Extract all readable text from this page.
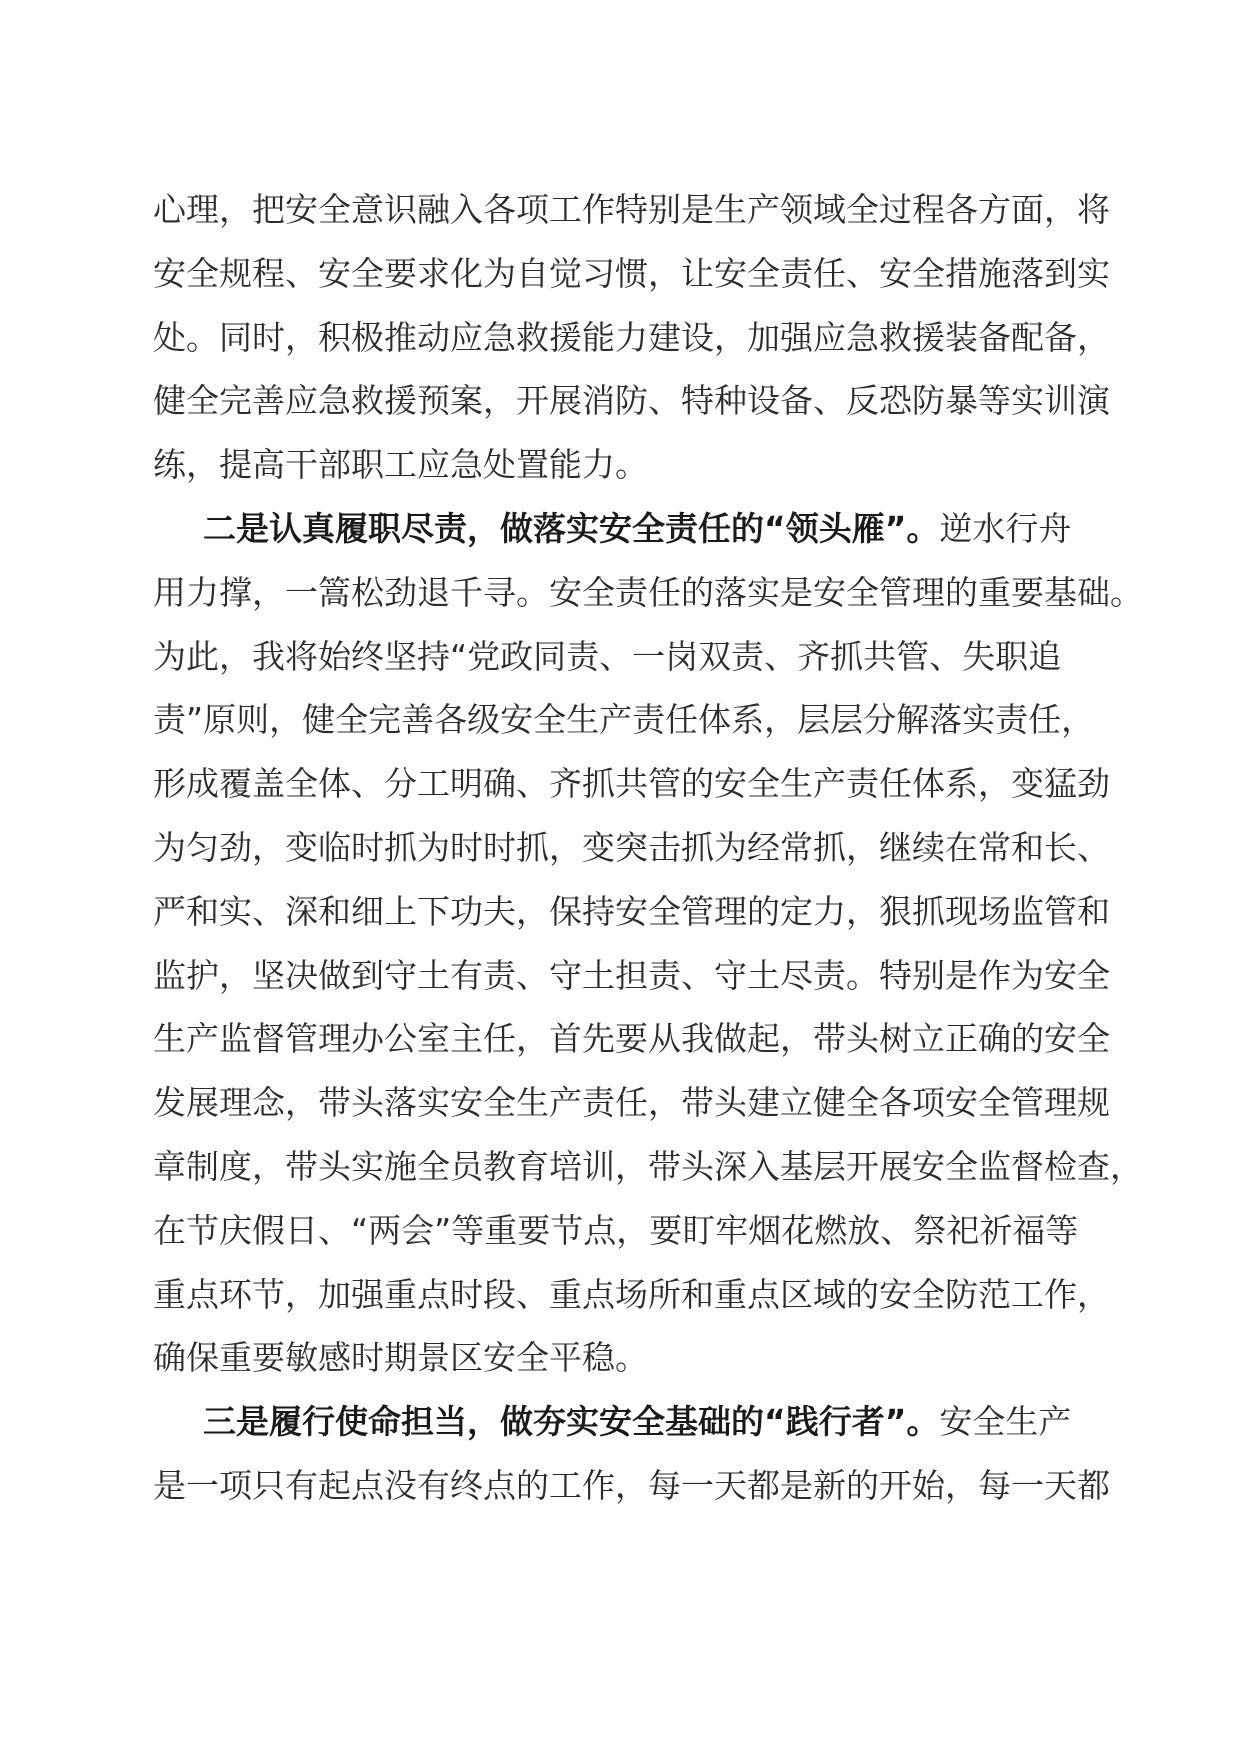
心理，把安全意识融入各项工作特别是生产领域全过程各方面，将
安全规程、安全要求化为自觉习惯，让安全责任、安全措施落到实
处。同时，积极推动应急救援能力建设，加强应急救援装备配备，
健全完善应急救援预案，开展消防、特种设备、反恐防暴等实训演
练，提高干部职工应急处置能力。
二是认真履职尽责，做落实安全责任的“领头雁”。逆水行舟
用力撑，一篙松劲退千寻。安全责任的落实是安全管理的重要基础。
为此，我将始终坚持“党政同责、一岗双责、齐抓共管、失职追
责”原则，健全完善各级安全生产责任体系，层层分解落实责任，
形成覆盖全体、分工明确、齐抓共管的安全生产责任体系，变猛劲
为匀劲，变临时抓为时时抓，变突击抓为经常抓，继续在常和长、
严和实、深和细上下功夫，保持安全管理的定力，狠抓现场监管和
监护，坚决做到守土有责、守土担责、守土尽责。特别是作为安全
生产监督管理办公室主任，首先要从我做起，带头树立正确的安全
发展理念，带头落实安全生产责任，带头建立健全各项安全管理规
章制度，带头实施全员教育培训，带头深入基层开展安全监督检查，
在节庆假日、“两会”等重要节点，要盯牢烟花燃放、祭祀祈福等
重点环节，加强重点时段、重点场所和重点区域的安全防范工作，
确保重要敏感时期景区安全平稳。
三是履行使命担当，做夯实安全基础的“践行者”。安全生产
是一项只有起点没有终点的工作，每一天都是新的开始，每一天都
